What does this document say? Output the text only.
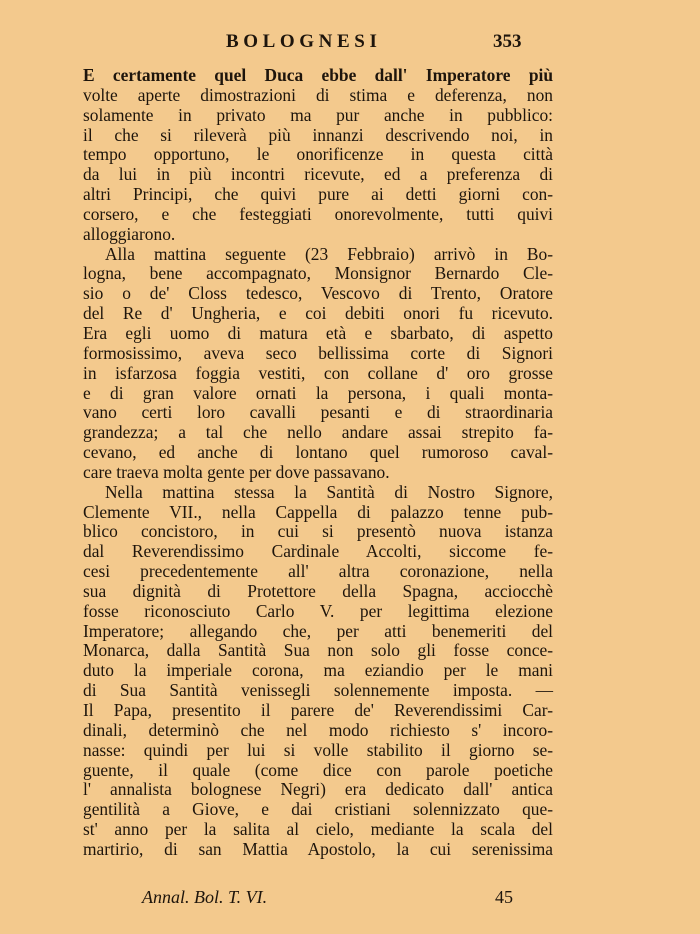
BOLOGNESI	353
E certamente quel Duca ebbe dall' Imperatore più
volte aperte dimostrazioni di stima e deferenza, non
solamente in privato ma pur anche in pubblico:
il che si rileverà più innanzi descrivendo noi, in
tempo opportuno, le onorificenze in questa città
da lui in più incontri ricevute, ed a preferenza di
altri Principi, che quivi pure ai detti giorni con-
corsero, e che festeggiati onorevolmente, tutti quivi
alloggiarono.
Alla mattina seguente (23 Febbraio) arrivò in Bo-
logna, bene accompagnato, Monsignor Bernardo Cle-
sio o de' Closs tedesco, Vescovo di Trento, Oratore
del Re d' Ungheria, e coi debiti onori fu ricevuto.
Era egli uomo di matura età e sbarbato, di aspetto
formosissimo, aveva seco bellissima corte di Signori
in isfarzosa foggia vestiti, con collane d' oro grosse
e di gran valore ornati la persona, i quali monta-
vano certi loro cavalli pesanti e di straordinaria
grandezza; a tal che nello andare assai strepito fa-
cevano, ed anche di lontano quel rumoroso caval-
care traeva molta gente per dove passavano.
Nella mattina stessa la Santità di Nostro Signore,
Clemente VII., nella Cappella di palazzo tenne pub-
blico concistoro, in cui si presentò nuova istanza
dal Reverendissimo Cardinale Accolti, siccome fe-
cesi precedentemente all' altra coronazione, nella
sua dignità di Protettore della Spagna, acciocchè
fosse riconosciuto Carlo V. per legittima elezione
Imperatore; allegando che, per atti benemeriti del
Monarca, dalla Santità Sua non solo gli fosse conce-
duto la imperiale corona, ma eziandio per le mani
di Sua Santità venissegli solennemente imposta. —
Il Papa, presentito il parere de' Reverendissimi Car-
dinali, determinò che nel modo richiesto s' incoro-
nasse: quindi per lui si volle stabilito il giorno se-
guente, il quale (come dice con parole poetiche
l' annalista bolognese Negri) era dedicato dall' antica
gentilità a Giove, e dai cristiani solennizzato que-
st' anno per la salita al cielo, mediante la scala del
martirio, di san Mattia Apostolo, la cui serenissima
Annal. Bol. T. VI.	45
